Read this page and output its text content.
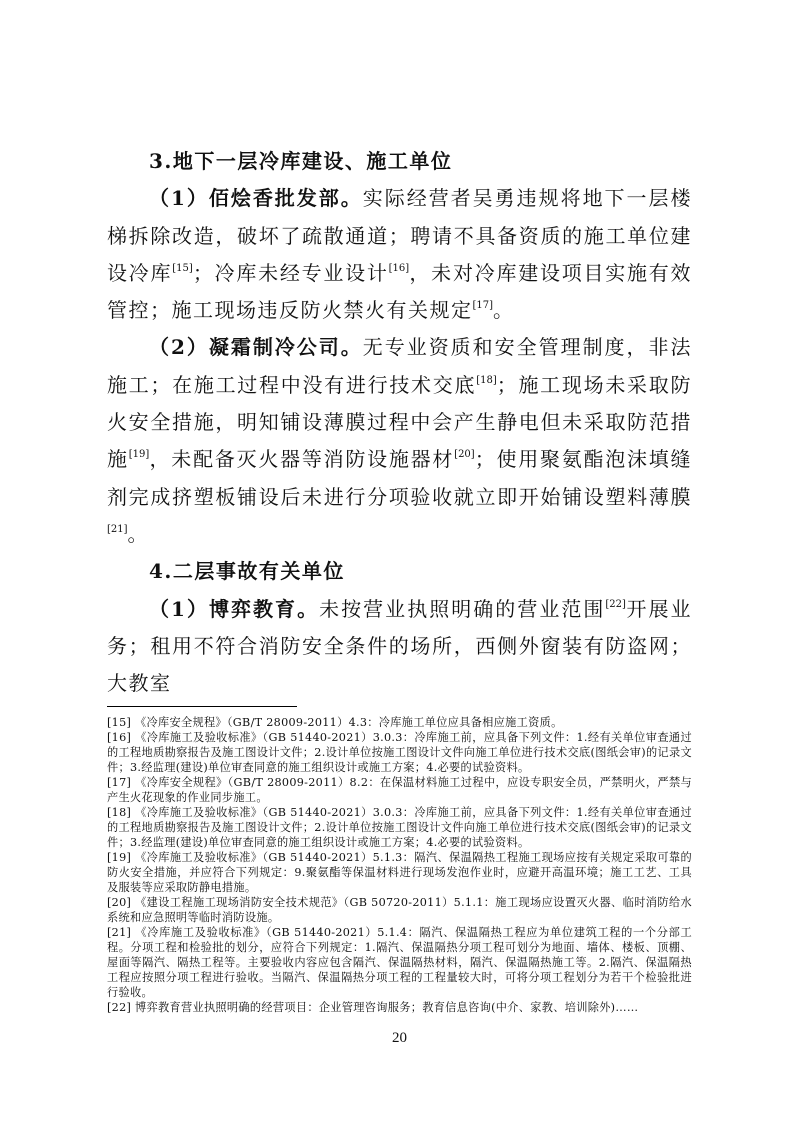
3.地下一层冷库建设、施工单位

（1）佰烩香批发部。实际经营者吴勇违规将地下一层楼梯拆除改造，破坏了疏散通道；聘请不具备资质的施工单位建设冷库[15]；冷库未经专业设计[16]，未对冷库建设项目实施有效管控；施工现场违反防火禁火有关规定[17]。

（2）凝霜制冷公司。无专业资质和安全管理制度，非法施工；在施工过程中没有进行技术交底[18]；施工现场未采取防火安全措施，明知铺设薄膜过程中会产生静电但未采取防范措施[19]，未配备灭火器等消防设施器材[20]；使用聚氨酯泡沫填缝剂完成挤塑板铺设后未进行分项验收就立即开始铺设塑料薄膜[21]。

4.二层事故有关单位

（1）博弈教育。未按营业执照明确的营业范围[22]开展业务；租用不符合消防安全条件的场所，西侧外窗装有防盗网；大教室

[15] 《冷库安全规程》（GB/T 28009-2011）4.3：冷库施工单位应具备相应施工资质。

[16] 《冷库施工及验收标准》（GB 51440-2021）3.0.3：冷库施工前，应具备下列文件：1.经有关单位审查通过的工程地质勘察报告及施工图设计文件；2.设计单位按施工图设计文件向施工单位进行技术交底(图纸会审)的记录文件；3.经监理(建设)单位审查同意的施工组织设计或施工方案；4.必要的试验资料。

[17] 《冷库安全规程》（GB/T 28009-2011）8.2：在保温材料施工过程中，应设专职安全员，严禁明火，严禁与产生火花现象的作业同步施工。

[18] 《冷库施工及验收标准》（GB 51440-2021）3.0.3：冷库施工前，应具备下列文件：1.经有关单位审查通过的工程地质勘察报告及施工图设计文件；2.设计单位按施工图设计文件向施工单位进行技术交底(图纸会审)的记录文件；3.经监理(建设)单位审查同意的施工组织设计或施工方案；4.必要的试验资料。

[19] 《冷库施工及验收标准》（GB 51440-2021）5.1.3：隔汽、保温隔热工程施工现场应按有关规定采取可靠的防火安全措施，并应符合下列规定：9.聚氨酯等保温材料进行现场发泡作业时，应避开高温环境；施工工艺、工具及服装等应采取防静电措施。

[20] 《建设工程施工现场消防安全技术规范》（GB 50720-2011）5.1.1：施工现场应设置灭火器、临时消防给水系统和应急照明等临时消防设施。

[21] 《冷库施工及验收标准》（GB 51440-2021）5.1.4：隔汽、保温隔热工程应为单位建筑工程的一个分部工程。分项工程和检验批的划分，应符合下列规定：1.隔汽、保温隔热分项工程可划分为地面、墙体、楼板、顶棚、屋面等隔汽、隔热工程等。主要验收内容应包含隔汽、保温隔热材料，隔汽、保温隔热施工等。2.隔汽、保温隔热工程应按照分项工程进行验收。当隔汽、保温隔热分项工程的工程量较大时，可将分项工程划分为若干个检验批进行验收。

[22] 博弈教育营业执照明确的经营项目：企业管理咨询服务；教育信息咨询(中介、家教、培训除外)……

20
